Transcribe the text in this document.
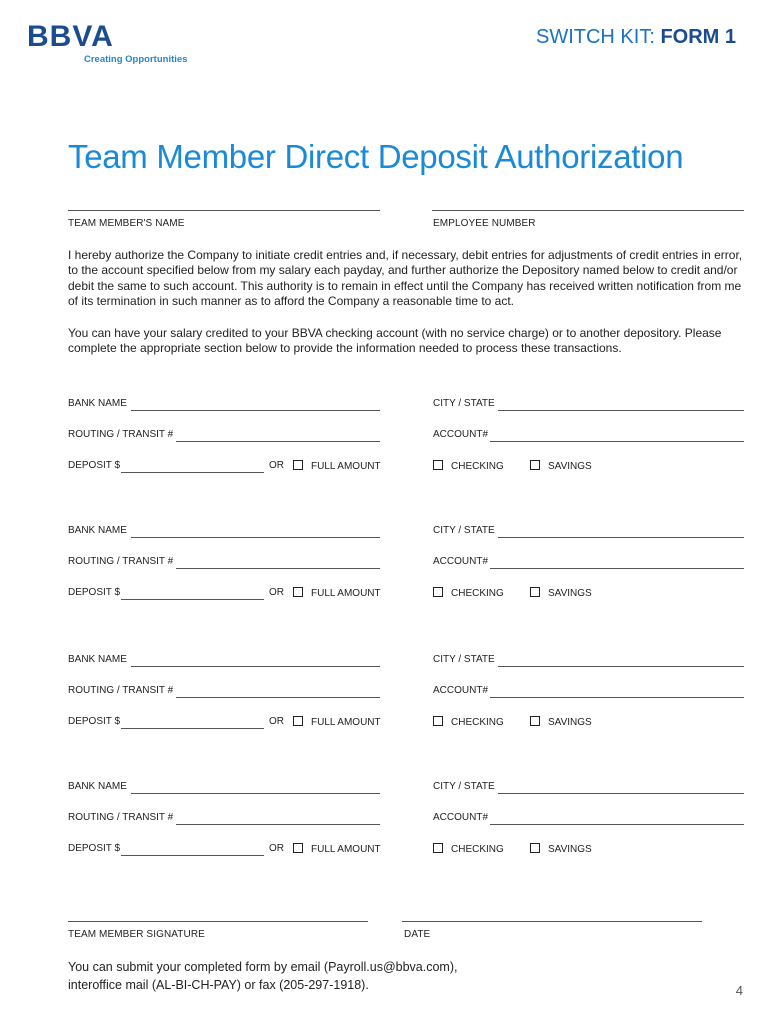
BBVA
Creating Opportunities
SWITCH KIT: FORM 1
Team Member Direct Deposit Authorization
TEAM MEMBER'S NAME	EMPLOYEE NUMBER
I hereby authorize the Company to initiate credit entries and, if necessary, debit entries for adjustments of credit entries in error, to the account specified below from my salary each payday, and further authorize the Depository named below to credit and/or debit the same to such account. This authority is to remain in effect until the Company has received written notification from me of its termination in such manner as to afford the Company a reasonable time to act.
You can have your salary credited to your BBVA checking account (with no service charge) or to another depository. Please complete the appropriate section below to provide the information needed to process these transactions.
BANK NAME	CITY / STATE
ROUTING / TRANSIT #	ACCOUNT#
DEPOSIT $	OR	FULL AMOUNT	CHECKING	SAVINGS
BANK NAME	CITY / STATE
ROUTING / TRANSIT #	ACCOUNT#
DEPOSIT $	OR	FULL AMOUNT	CHECKING	SAVINGS
BANK NAME	CITY / STATE
ROUTING / TRANSIT #	ACCOUNT#
DEPOSIT $	OR	FULL AMOUNT	CHECKING	SAVINGS
BANK NAME	CITY / STATE
ROUTING / TRANSIT #	ACCOUNT#
DEPOSIT $	OR	FULL AMOUNT	CHECKING	SAVINGS
TEAM MEMBER SIGNATURE	DATE
You can submit your completed form by email (Payroll.us@bbva.com),
interoffice mail (AL-BI-CH-PAY) or fax (205-297-1918).	4
